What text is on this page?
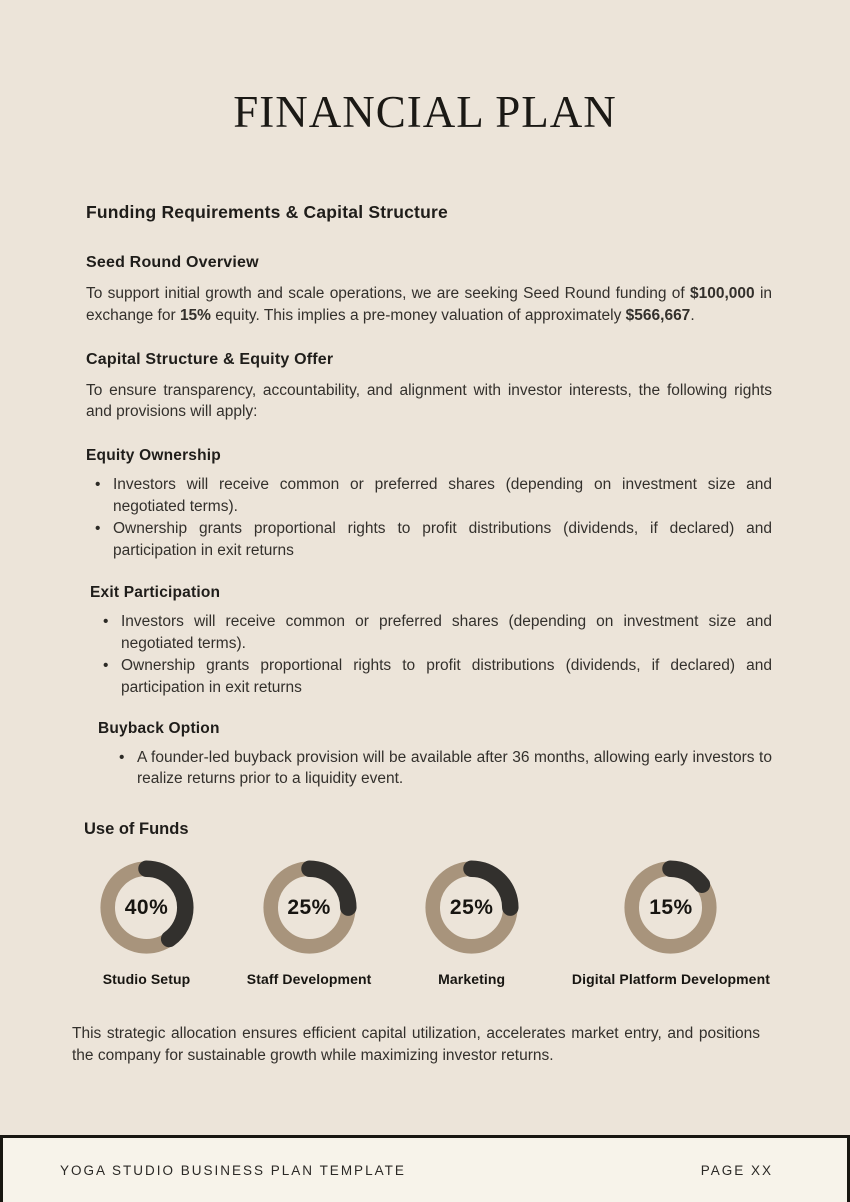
FINANCIAL PLAN
Funding Requirements & Capital Structure
Seed Round Overview

To support initial growth and scale operations, we are seeking Seed Round funding of $100,000 in exchange for 15% equity. This implies a pre-money valuation of approximately $566,667.

Capital Structure & Equity Offer

To ensure transparency, accountability, and alignment with investor interests, the following rights and provisions will apply:

Equity Ownership
• Investors will receive common or preferred shares (depending on investment size and negotiated terms).
• Ownership grants proportional rights to profit distributions (dividends, if declared) and participation in exit returns
Exit Participation
• Investors will receive common or preferred shares (depending on investment size and negotiated terms).
• Ownership grants proportional rights to profit distributions (dividends, if declared) and participation in exit returns
Buyback Option
• A founder-led buyback provision will be available after 36 months, allowing early investors to realize returns prior to a liquidity event.
Use of Funds
40%
Studio Setup
25%
Staff Development
25%
Marketing
15%
Digital Platform Development

This strategic allocation ensures efficient capital utilization, accelerates market entry, and positions the company for sustainable growth while maximizing investor returns.

YOGA STUDIO BUSINESS PLAN TEMPLATE	PAGE XX
